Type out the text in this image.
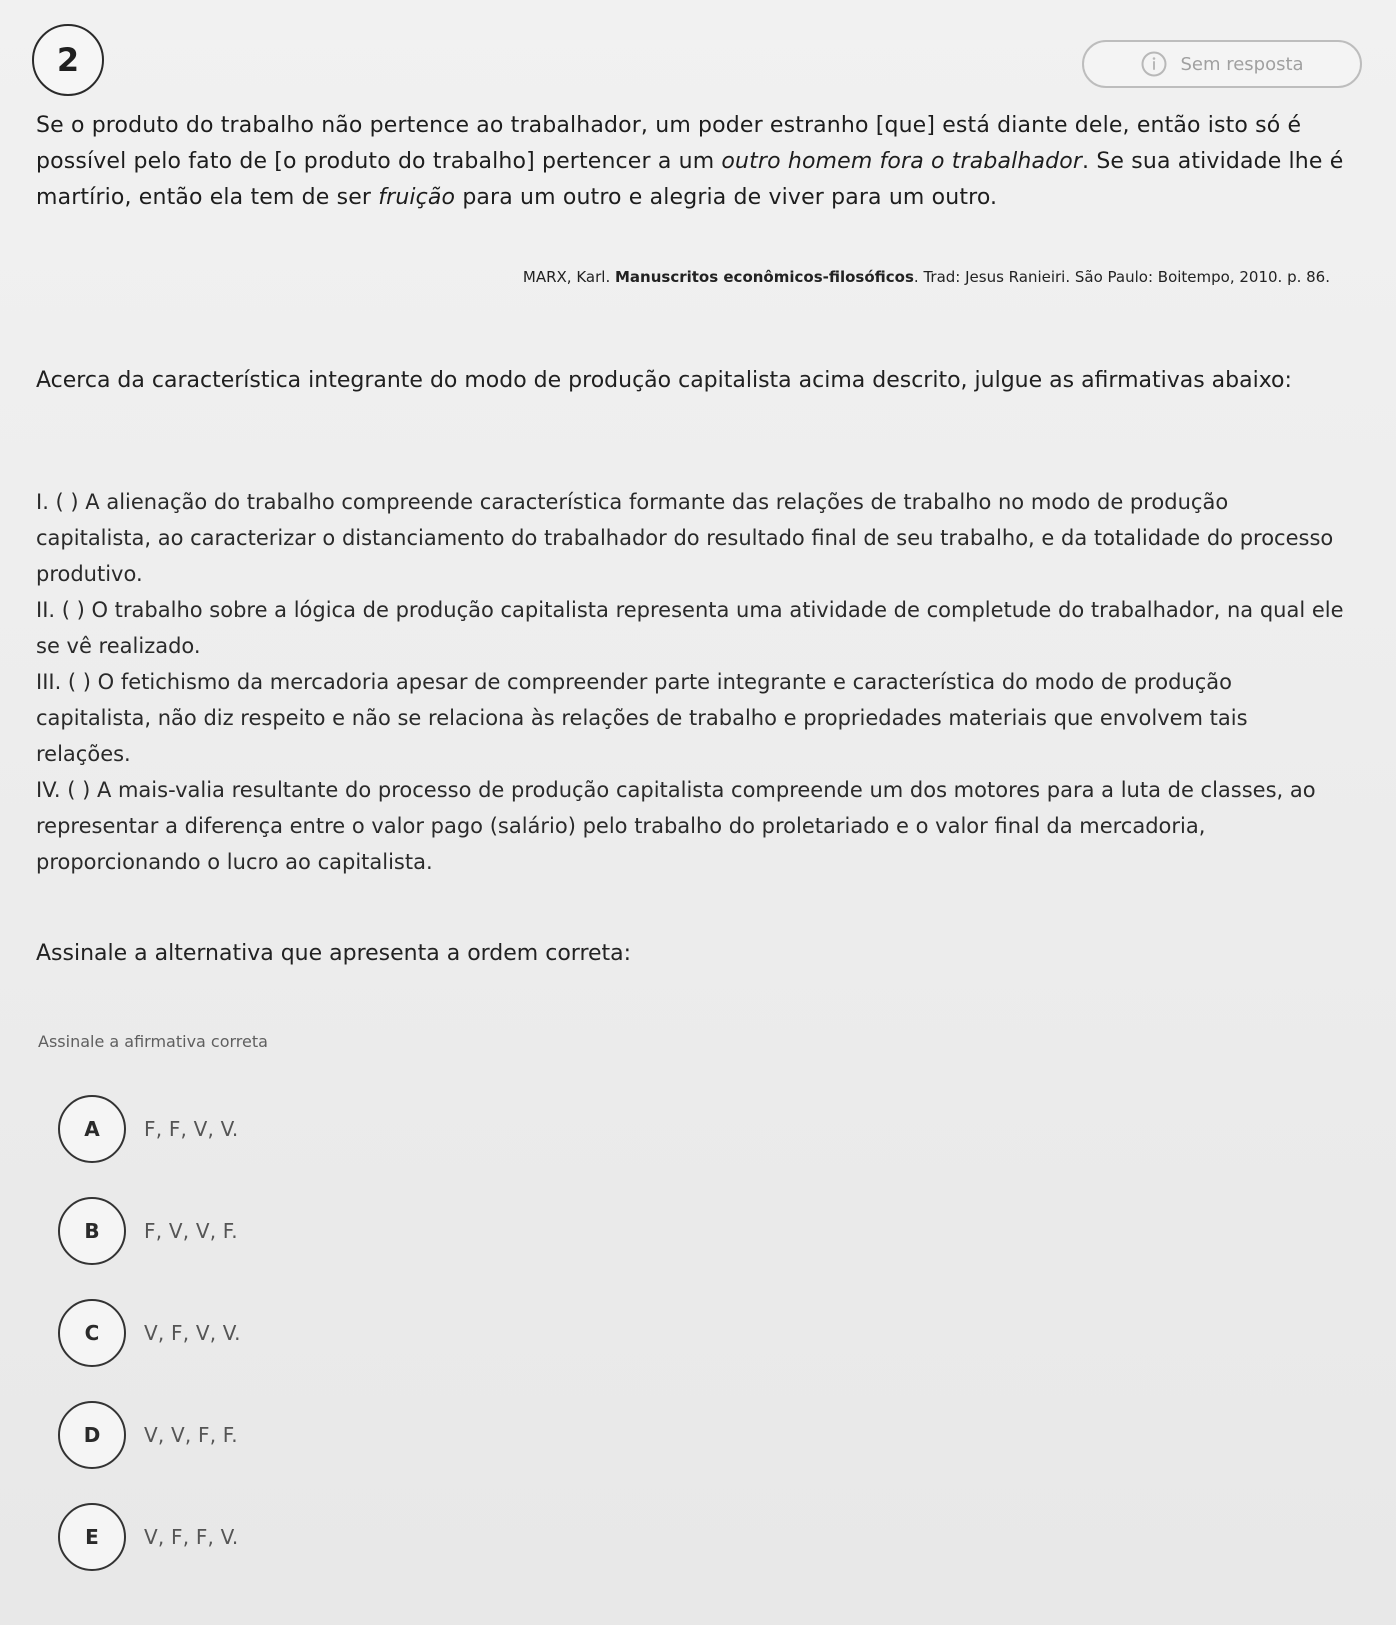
2	Sem resposta
Se o produto do trabalho não pertence ao trabalhador, um poder estranho [que] está diante dele, então isto só é possível pelo fato de [o produto do trabalho] pertencer a um outro homem fora o trabalhador. Se sua atividade lhe é martírio, então ela tem de ser fruição para um outro e alegria de viver para um outro.
MARX, Karl. Manuscritos econômicos-filosóficos. Trad: Jesus Ranieiri. São Paulo: Boitempo, 2010. p. 86.
Acerca da característica integrante do modo de produção capitalista acima descrito, julgue as afirmativas abaixo:

I. ( ) A alienação do trabalho compreende característica formante das relações de trabalho no modo de produção capitalista, ao caracterizar o distanciamento do trabalhador do resultado final de seu trabalho, e da totalidade do processo produtivo.

II. ( ) O trabalho sobre a lógica de produção capitalista representa uma atividade de completude do trabalhador, na qual ele se vê realizado.

III. ( ) O fetichismo da mercadoria apesar de compreender parte integrante e característica do modo de produção capitalista, não diz respeito e não se relaciona às relações de trabalho e propriedades materiais que envolvem tais relações.

IV. ( ) A mais-valia resultante do processo de produção capitalista compreende um dos motores para a luta de classes, ao representar a diferença entre o valor pago (salário) pelo trabalho do proletariado e o valor final da mercadoria, proporcionando o lucro ao capitalista.

Assinale a alternativa que apresenta a ordem correta:
Assinale a afirmativa correta
A F, F, V, V.
B F, V, V, F.
C V, F, V, V.
D V, V, F, F.
E V, F, F, V.
